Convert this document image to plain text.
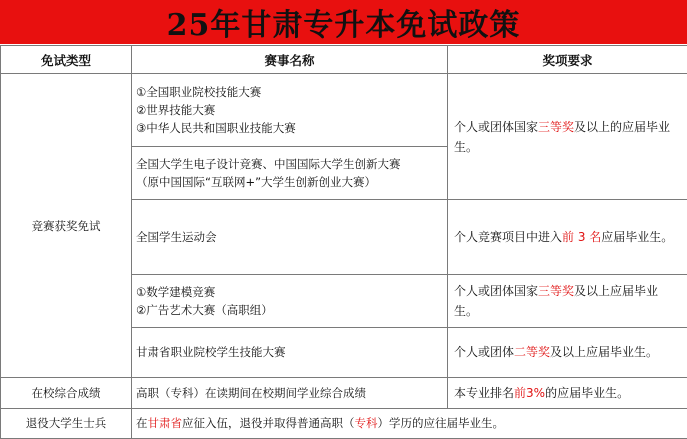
25年甘肃专升本免试政策
免试类型	赛事名称	奖项要求
竞赛获奖免试	①全国职业院校技能大赛
②世界技能大赛
③中华人民共和国职业技能大赛	个人或团体国家三等奖及以上的应届毕业生。

	全国大学生电子设计竞赛、中国国际大学生创新大赛
（原中国国际“互联网+”大学生创新创业大赛）	

	全国学生运动会	个人竞赛项目中进入前 3 名应届毕业生。

	①数学建模竞赛
②广告艺术大赛（高职组）	个人或团体国家三等奖及以上应届毕业生。

	甘肃省职业院校学生技能大赛	个人或团体二等奖及以上应届毕业生。
在校综合成绩	高职（专科）在读期间在校期间学业综合成绩	本专业排名前3%的应届毕业生。
退役大学生士兵	在甘肃省应征入伍，退役并取得普通高职（专科）学历的应往届毕业生。	
